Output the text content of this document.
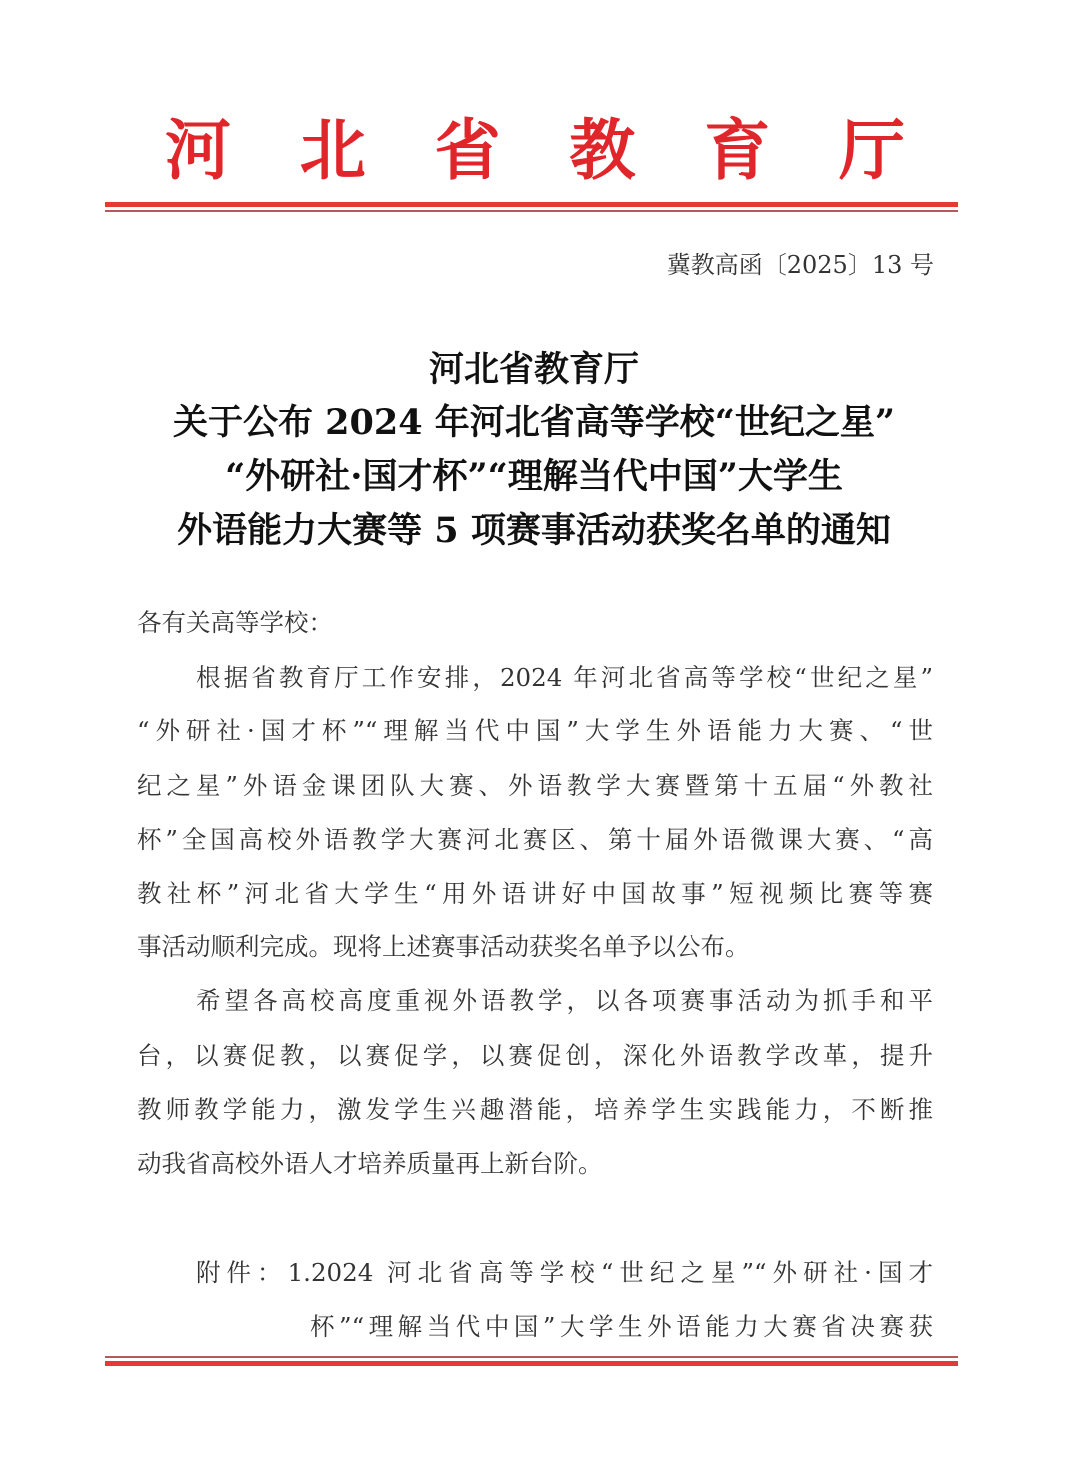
河 北 省 教 育 厅
冀教高函〔2025〕13 号
河北省教育厅
关于公布 2024 年河北省高等学校“世纪之星”
“外研社·国才杯”“理解当代中国”大学生
外语能力大赛等 5 项赛事活动获奖名单的通知
各有关高等学校：
根据省教育厅工作安排，2024 年河北省高等学校“世纪之星”
“外研社·国才杯”“理解当代中国”大学生外语能力大赛、“世
纪之星”外语金课团队大赛、外语教学大赛暨第十五届“外教社
杯”全国高校外语教学大赛河北赛区、第十届外语微课大赛、“高
教社杯”河北省大学生“用外语讲好中国故事”短视频比赛等赛
事活动顺利完成。现将上述赛事活动获奖名单予以公布。
希望各高校高度重视外语教学，以各项赛事活动为抓手和平
台，以赛促教，以赛促学，以赛促创，深化外语教学改革，提升
教师教学能力，激发学生兴趣潜能，培养学生实践能力，不断推
动我省高校外语人才培养质量再上新台阶。
附件：1.2024 河北省高等学校“世纪之星”“外研社·国才
杯”“理解当代中国”大学生外语能力大赛省决赛获
